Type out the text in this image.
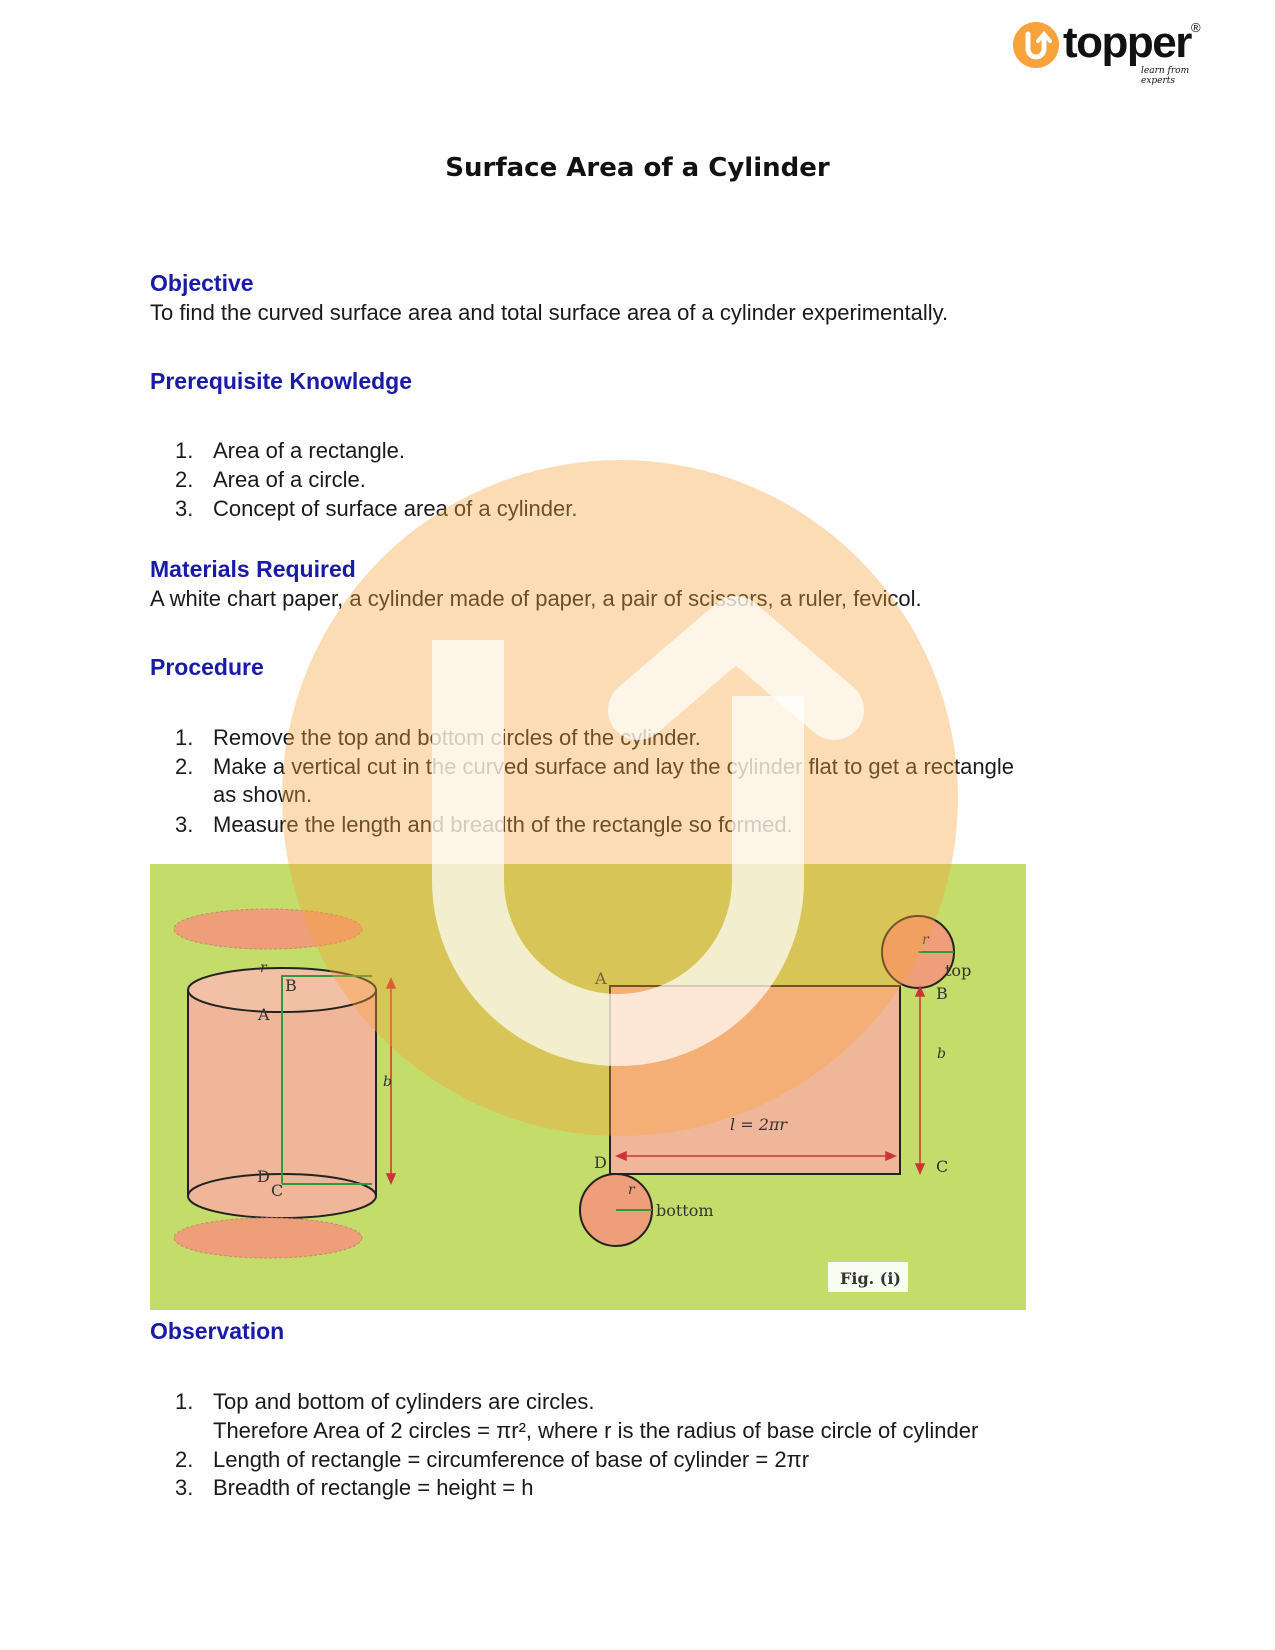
topper ®
learn from experts
Surface Area of a Cylinder
Objective
To find the curved surface area and total surface area of a cylinder experimentally.
Prerequisite Knowledge
1. Area of a rectangle.
2. Area of a circle.
3. Concept of surface area of a cylinder.
Materials Required
A white chart paper, a cylinder made of paper, a pair of scissors, a ruler, fevicol.
Procedure
1. Remove the top and bottom circles of the cylinder.
2. Make a vertical cut in the curved surface and lay the cylinder flat to get a rectangle
as shown.
3. Measure the length and breadth of the rectangle so formed.
r
B
A
b
D
C
A
r
top
B
b
l = 2πr
D
r
bottom
C
Fig. (i)
Observation
1. Top and bottom of cylinders are circles.
Therefore Area of 2 circles = πr², where r is the radius of base circle of cylinder
2. Length of rectangle = circumference of base of cylinder = 2πr
3. Breadth of rectangle = height = h
